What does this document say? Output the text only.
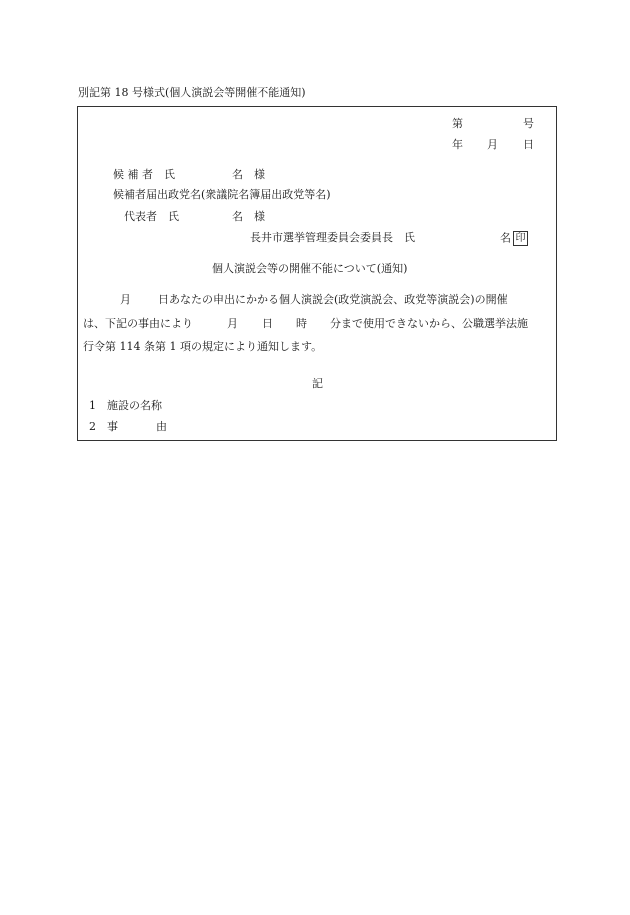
別記第 18 号様式(個人演説会等開催不能通知)
第	号
年 月 日
候 補 者　氏	名　様
候補者届出政党名(衆議院名簿届出政党等名)
代表者　氏	名　様
長井市選挙管理委員会委員長　氏	名 印
個人演説会等の開催不能について(通知)
月 日あなたの申出にかかる個人演説会(政党演説会、政党等演説会)の開催
は、下記の事由により	月 日 時 分まで使用できないから、公職選挙法施
行令第 114 条第 1 項の規定により通知します。
記
1 施設の名称
2 事	由
